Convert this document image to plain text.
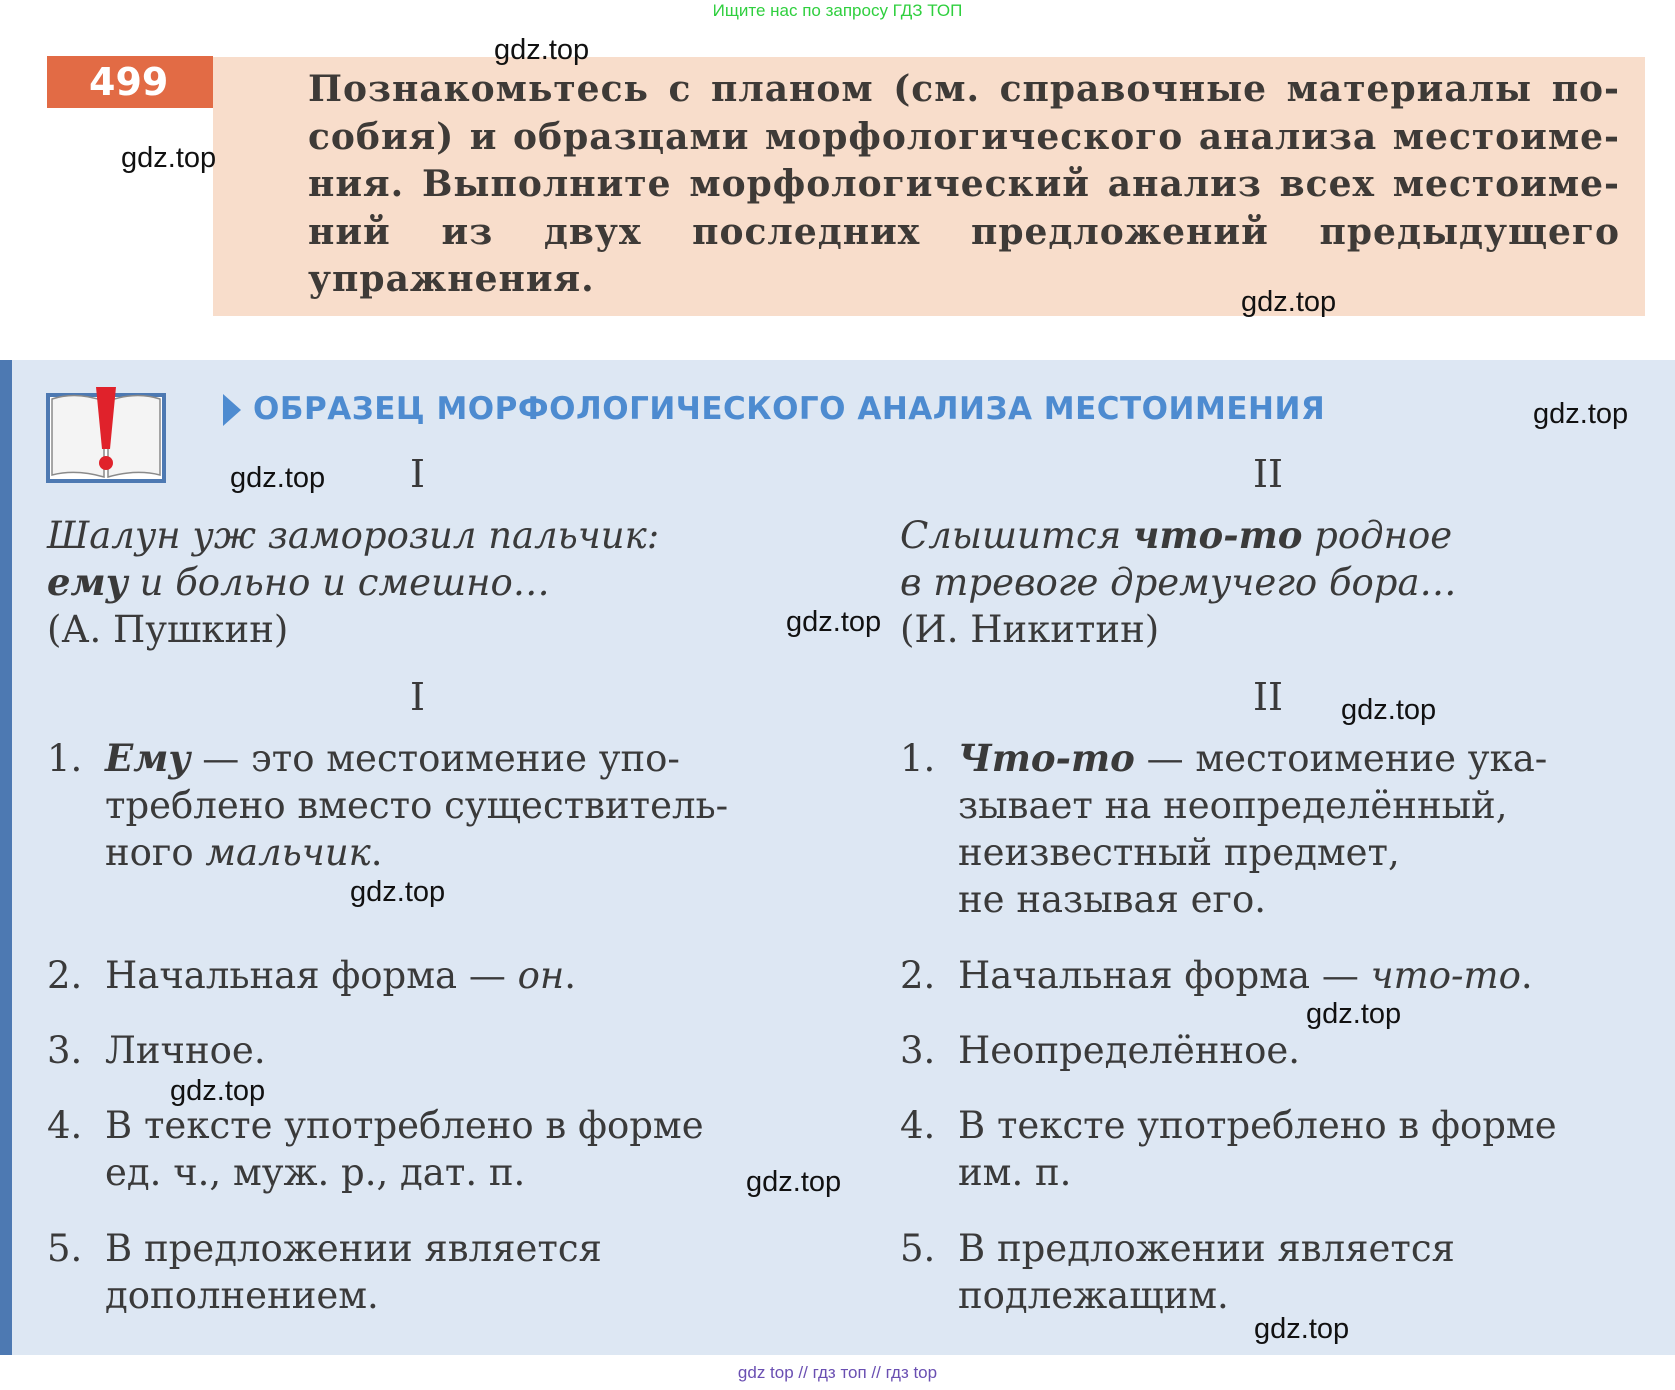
Ищите нас по запросу ГДЗ ТОП
499	Познакомьтесь с планом (см. справочные материалы по-
собия) и образцами морфологического анализа местоиме-
ния. Выполните морфологический анализ всех местоиме-
ний из двух последних предложений предыдущего
упражнения.
ОБРАЗЕЦ МОРФОЛОГИЧЕСКОГО АНАЛИЗА МЕСТОИМЕНИЯ
I
Шалун уж заморозил пальчик:
ему и больно и смешно…
(А. Пушкин)
I
1. Ему — это местоимение упо-
треблено вместо существитель-
ного мальчик.
2. Начальная форма — он.
3. Личное.
4. В тексте употреблено в форме
ед. ч., муж. р., дат. п.
5. В предложении является
дополнением.
II
Слышится что-то родное
в тревоге дремучего бора…
(И. Никитин)
II
1. Что-то — местоимение ука-
зывает на неопределённый,
неизвестный предмет,
не называя его.
2. Начальная форма — что-то.
3. Неопределённое.
4. В тексте употреблено в форме
им. п.
5. В предложении является
подлежащим.
gdz.top
gdz.top
gdz.top
gdz.top
gdz.top
gdz.top
gdz.top
gdz.top
gdz.top
gdz.top
gdz.top
gdz.top
gdz top // гдз топ // гдз top
